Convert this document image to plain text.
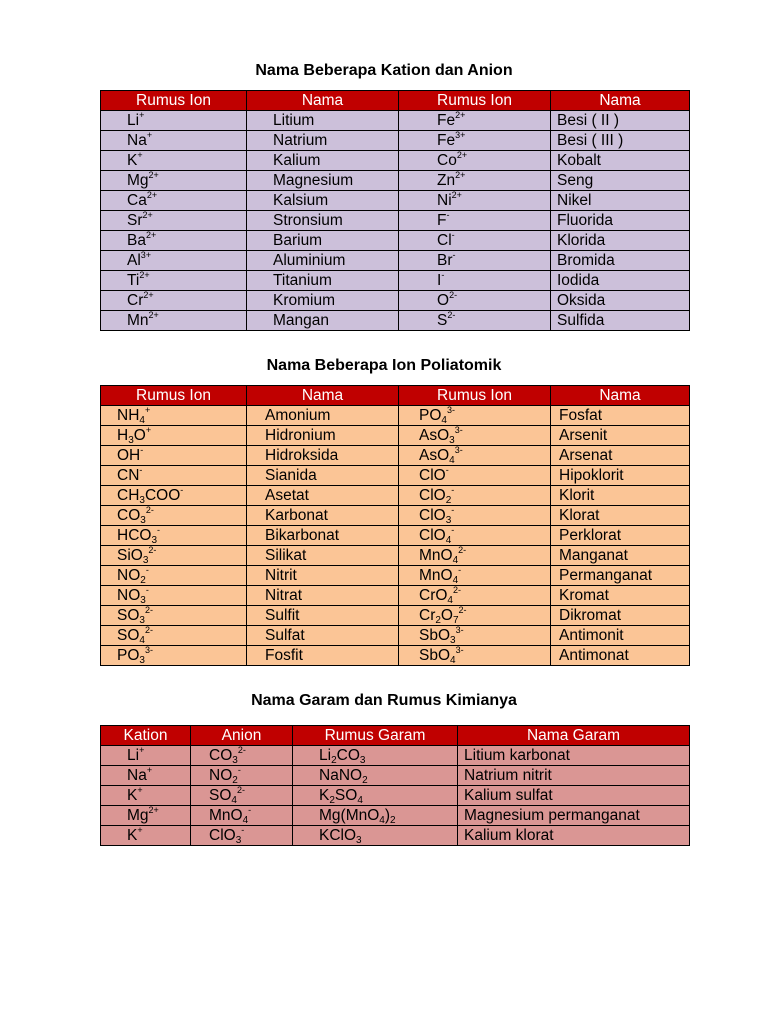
Nama Beberapa Kation dan Anion
Rumus Ion	Nama	Rumus Ion	Nama
Li+	Litium	$Fe^{2+}$	Besi ( II )
Na+	Natrium	$Fe^{3+}$	Besi ( III )
K+	Kalium	$Co^{2+}$	Kobalt
$Mg^{2+}$	Magnesium	$Zn^{2+}$	Seng
$Ca^{2+}$	Kalsium	$Ni^{2+}$	Nikel
$Sr^{2+}$	Stronsium	F-	Fluorida
$Ba^{2+}$	Barium	Cl-	Klorida
$Al^{3+}$	Aluminium	Br-	Bromida
$Ti^{2+}$	Titanium	I-	Iodida
$Cr^{2+}$	Kromium	$O^{2-}$	Oksida
$Mn^{2+}$	Mangan	$S^{2-}$	Sulfida
Nama Beberapa Ion Poliatomik
Rumus Ion	Nama	Rumus Ion	Nama
$NH_4^+$	Amonium	$PO_4^{3-}$	Fosfat
$H_3O^+$	Hidronium	AsO$_3^{3-}$	Arsenit
OH-	Hidroksida	AsO$_4^{3-}$	Arsenat
CN-	Sianida	ClO-	Hipoklorit
$CH_3COO^-$	Asetat	ClO$_2$-	Klorit
$CO_3^{2-}$	Karbonat	ClO$_3$-	Klorat
$HCO_3^-$	Bikarbonat	ClO$_4$-	Perklorat
SiO$_3^{2-}$	Silikat	MnO$_4^{2-}$	Manganat
$NO_2^-$	Nitrit	MnO$_4$-	Permanganat
$NO_3^-$	Nitrat	CrO$_4^{2-}$	Kromat
$SO_3^{2-}$	Sulfit	$Cr_2O_7^{2-}$	Dikromat
$SO_4^{2-}$	Sulfat	SbO$_3^{3-}$	Antimonit
$PO_3^{3-}$	Fosfit	SbO$_4^{3-}$	Antimonat
Nama Garam dan Rumus Kimianya
Kation	Anion	Rumus Garam	Nama Garam
Li+	$CO_3^{2-}$	$Li_2CO_3$	Litium karbonat
Na+	$NO_2^-$	NaNO$_2$	Natrium nitrit
K+	$SO_4^{2-}$	$K_2SO_4$	Kalium sulfat
$Mg^{2+}$	MnO$_4$-	$Mg(MnO_4)_2$	Magnesium permanganat
K+	ClO$_3$-	KClO$_3$	Kalium klorat
